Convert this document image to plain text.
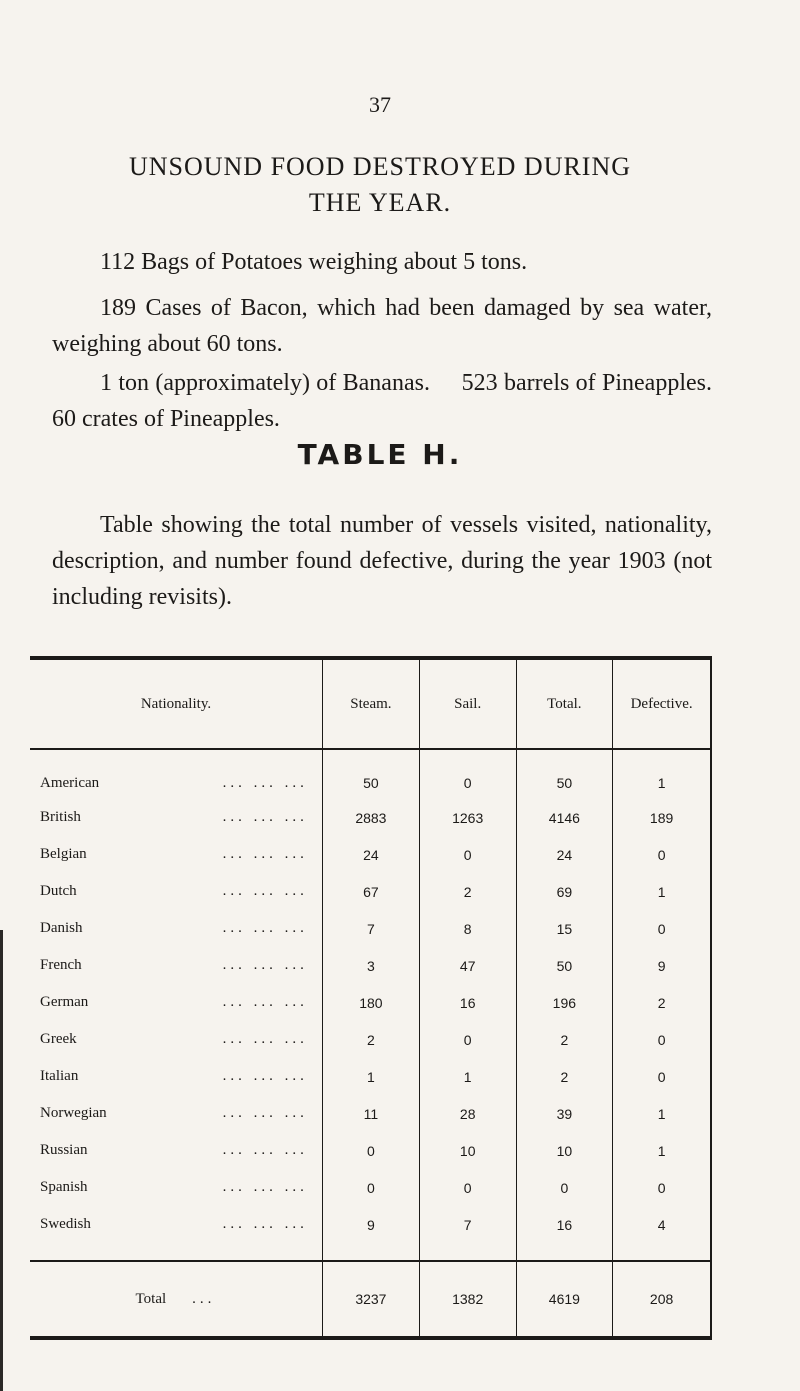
37
UNSOUND FOOD DESTROYED DURING
THE YEAR.

112 Bags of Potatoes weighing about 5 tons.

189 Cases of Bacon, which had been damaged by sea water, weighing about 60 tons.

1 ton (approximately) of Bananas.     523 barrels of Pineapples.     60 crates of Pineapples.

TABLE H.

Table showing the total number of vessels visited, nationality, description, and number found defective, during the year 1903 (not including revisits).

Nationality.	Steam.	Sail.	Total.	Defective.
American ... ... ...	50	0	50	1
British ... ... ...	2883	1263	4146	189
Belgian ... ... ...	24	0	24	0
Dutch ... ... ...	67	2	69	1
Danish ... ... ...	7	8	15	0
French ... ... ...	3	47	50	9
German ... ... ...	180	16	196	2
Greek ... ... ...	2	0	2	0
Italian ... ... ...	1	1	2	0
Norwegian ... ... ...	11	28	39	1
Russian ... ... ...	0	10	10	1
Spanish ... ... ...	0	0	0	0
Swedish ... ... ...	9	7	16	4
Total ...	3237	1382	4619	208
